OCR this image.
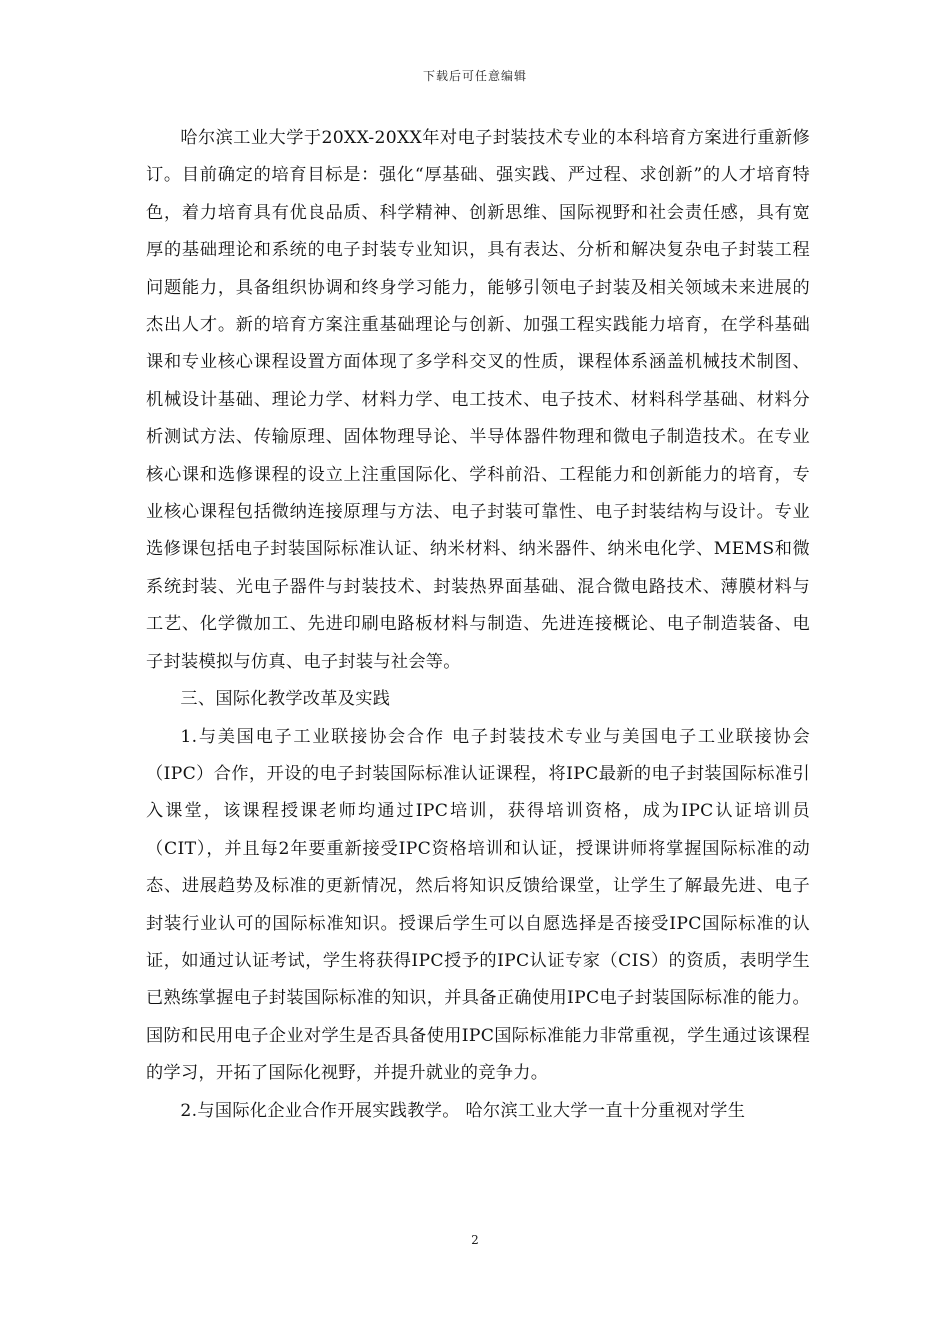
下载后可任意编辑

哈尔滨工业大学于20XX-20XX年对电子封装技术专业的本科培育方案进行重新修订。目前确定的培育目标是：强化“厚基础、强实践、严过程、求创新”的人才培育特色，着力培育具有优良品质、科学精神、创新思维、国际视野和社会责任感，具有宽厚的基础理论和系统的电子封装专业知识，具有表达、分析和解决复杂电子封装工程问题能力，具备组织协调和终身学习能力，能够引领电子封装及相关领域未来进展的杰出人才。新的培育方案注重基础理论与创新、加强工程实践能力培育，在学科基础课和专业核心课程设置方面体现了多学科交叉的性质，课程体系涵盖机械技术制图、机械设计基础、理论力学、材料力学、电工技术、电子技术、材料科学基础、材料分析测试方法、传输原理、固体物理导论、半导体器件物理和微电子制造技术。在专业核心课和选修课程的设立上注重国际化、学科前沿、工程能力和创新能力的培育，专业核心课程包括微纳连接原理与方法、电子封装可靠性、电子封装结构与设计。专业选修课包括电子封装国际标准认证、纳米材料、纳米器件、纳米电化学、MEMS和微系统封装、光电子器件与封装技术、封装热界面基础、混合微电路技术、薄膜材料与工艺、化学微加工、先进印刷电路板材料与制造、先进连接概论、电子制造装备、电子封装模拟与仿真、电子封装与社会等。

三、国际化教学改革及实践

1.与美国电子工业联接协会合作 电子封装技术专业与美国电子工业联接协会（IPC）合作，开设的电子封装国际标准认证课程，将IPC最新的电子封装国际标准引入课堂，该课程授课老师均通过IPC培训，获得培训资格，成为IPC认证培训员（CIT），并且每2年要重新接受IPC资格培训和认证，授课讲师将掌握国际标准的动态、进展趋势及标准的更新情况，然后将知识反馈给课堂，让学生了解最先进、电子封装行业认可的国际标准知识。授课后学生可以自愿选择是否接受IPC国际标准的认证，如通过认证考试，学生将获得IPC授予的IPC认证专家（CIS）的资质，表明学生已熟练掌握电子封装国际标准的知识，并具备正确使用IPC电子封装国际标准的能力。国防和民用电子企业对学生是否具备使用IPC国际标准能力非常重视，学生通过该课程的学习，开拓了国际化视野，并提升就业的竞争力。

2.与国际化企业合作开展实践教学。 哈尔滨工业大学一直十分重视对学生

2
